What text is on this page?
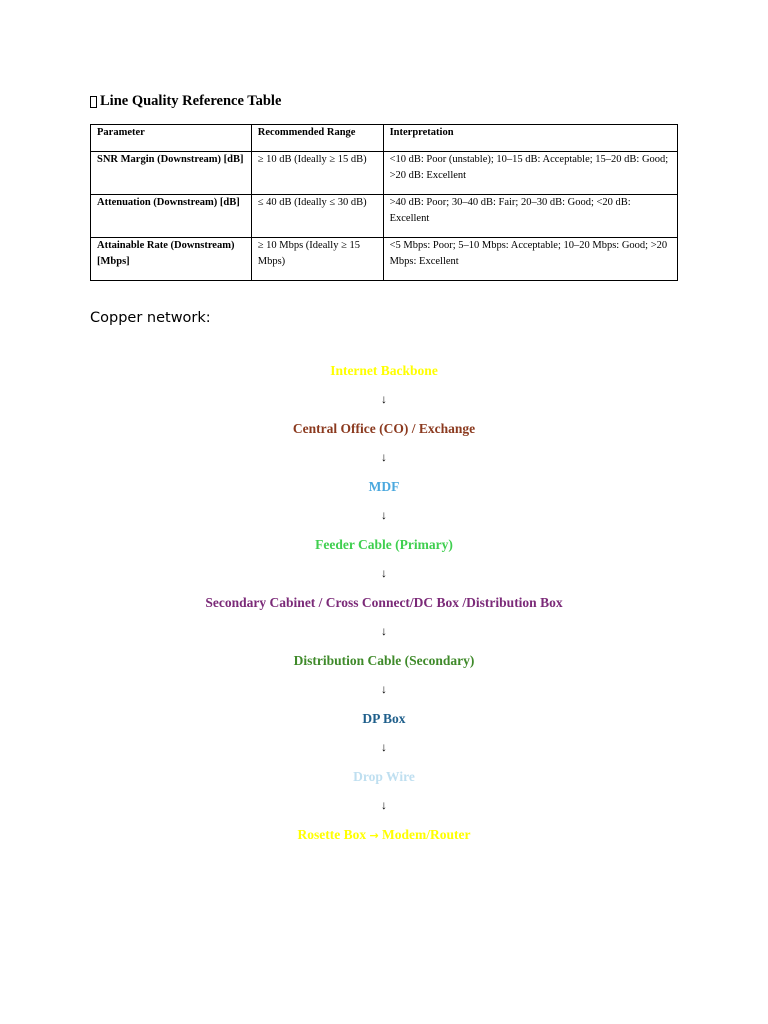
Line Quality Reference Table
Parameter	Recommended Range	Interpretation

SNR Margin (Downstream) [dB]	≥ 10 dB (Ideally ≥ 15 dB)	<10 dB: Poor (unstable); 10–15 dB: Acceptable; 15–20 dB: Good; >20 dB: Excellent
Attenuation (Downstream) [dB]	≤ 40 dB (Ideally ≤ 30 dB)	>40 dB: Poor; 30–40 dB: Fair; 20–30 dB: Good; <20 dB: Excellent
Attainable Rate (Downstream) [Mbps]	≥ 10 Mbps (Ideally ≥ 15 Mbps)	<5 Mbps: Poor; 5–10 Mbps: Acceptable; 10–20 Mbps: Good; >20 Mbps: Excellent
Copper network:
Internet Backbone
↓
Central Office (CO) / Exchange
↓
MDF
↓
Feeder Cable (Primary)
↓
Secondary Cabinet / Cross Connect/DC Box /Distribution Box
↓
Distribution Cable (Secondary)
↓
DP Box
↓
Drop Wire
↓
Rosette Box → Modem/Router
